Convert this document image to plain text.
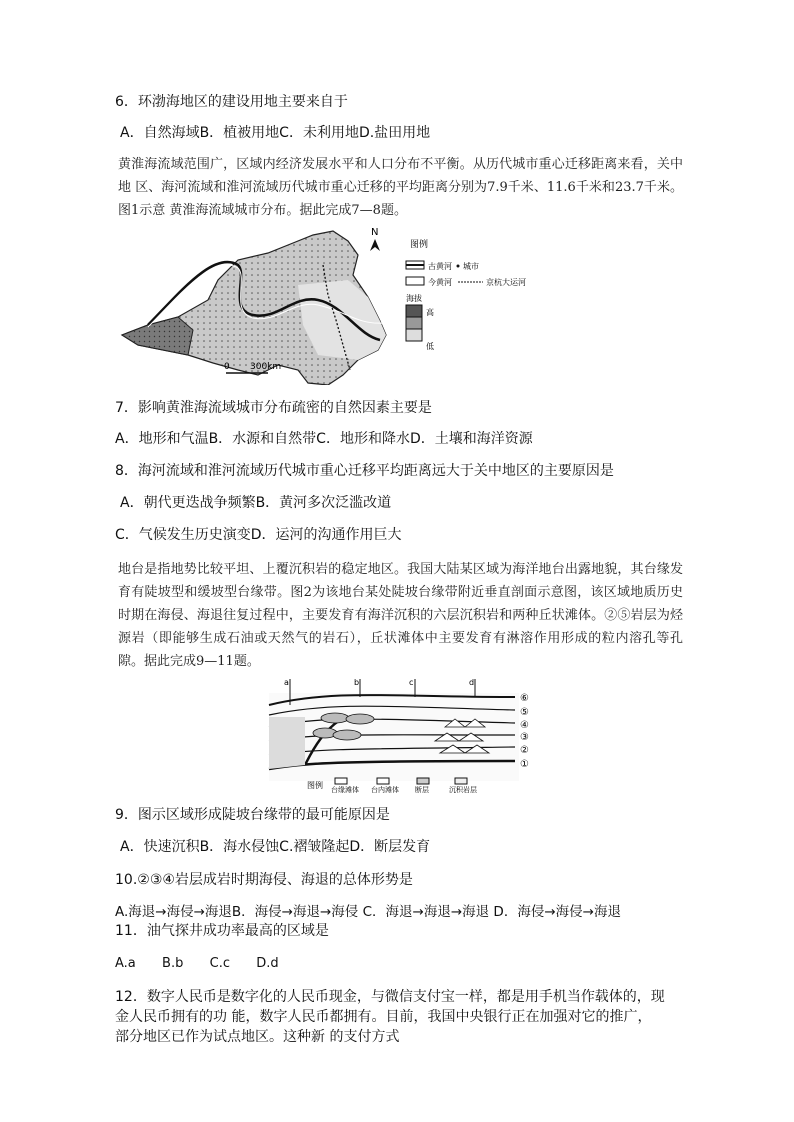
6．环渤海地区的建设用地主要来自于
A．自然海域B．植被用地C．未利用地D.盐田用地

黄淮海流域范围广，区域内经济发展水平和人口分布不平衡。从历代城市重心迁移距离来看，关中地 区、海河流域和淮河流域历代城市重心迁移的平均距离分别为7.9千米、11.6千米和23.7千米。图1示意 黄淮海流域城市分布。据此完成7—8题。

0 300km
N
图例
古黄河 城市
今黄河	京杭大运河
海拔
高
低
7．影响黄淮海流域城市分布疏密的自然因素主要是
A．地形和气温B．水源和自然带C．地形和降水D．土壤和海洋资源
8．海河流域和淮河流域历代城市重心迁移平均距离远大于关中地区的主要原因是
A．朝代更迭战争频繁B．黄河多次泛滥改道
C．气候发生历史演变D．运河的沟通作用巨大

地台是指地势比较平坦、上覆沉积岩的稳定地区。我国大陆某区域为海洋地台出露地貌，其台缘发育有陡坡型和缓坡型台缘带。图2为该地台某处陡坡台缘带附近垂直剖面示意图，该区域地质历史时期在海侵、海退往复过程中，主要发育有海洋沉积的六层沉积岩和两种丘状滩体。②⑤岩层为烃源岩（即能够生成石油或天然气的岩石），丘状滩体中主要发育有淋溶作用形成的粒内溶孔等孔隙。据此完成9—11题。

a	b	c	d
⑥
⑤
④
③
②
①
图例 台缘滩体 台内滩体 断层	沉积岩层
9．图示区域形成陡坡台缘带的最可能原因是
A．快速沉积B．海水侵蚀C.褶皱隆起D．断层发育
10.②③④岩层成岩时期海侵、海退的总体形势是
A.海退→海侵→海退B．海侵→海退→海侵 C．海退→海退→海退 D．海侵→海侵→海退
11．油气探井成功率最高的区域是
A.a B.b C.c D.d
12．数字人民币是数字化的人民币现金，与微信支付宝一样，都是用手机当作载体的，现
金人民币拥有的功 能，数字人民币都拥有。目前，我国中央银行正在加强对它的推广，
部分地区已作为试点地区。这种新 的支付方式
